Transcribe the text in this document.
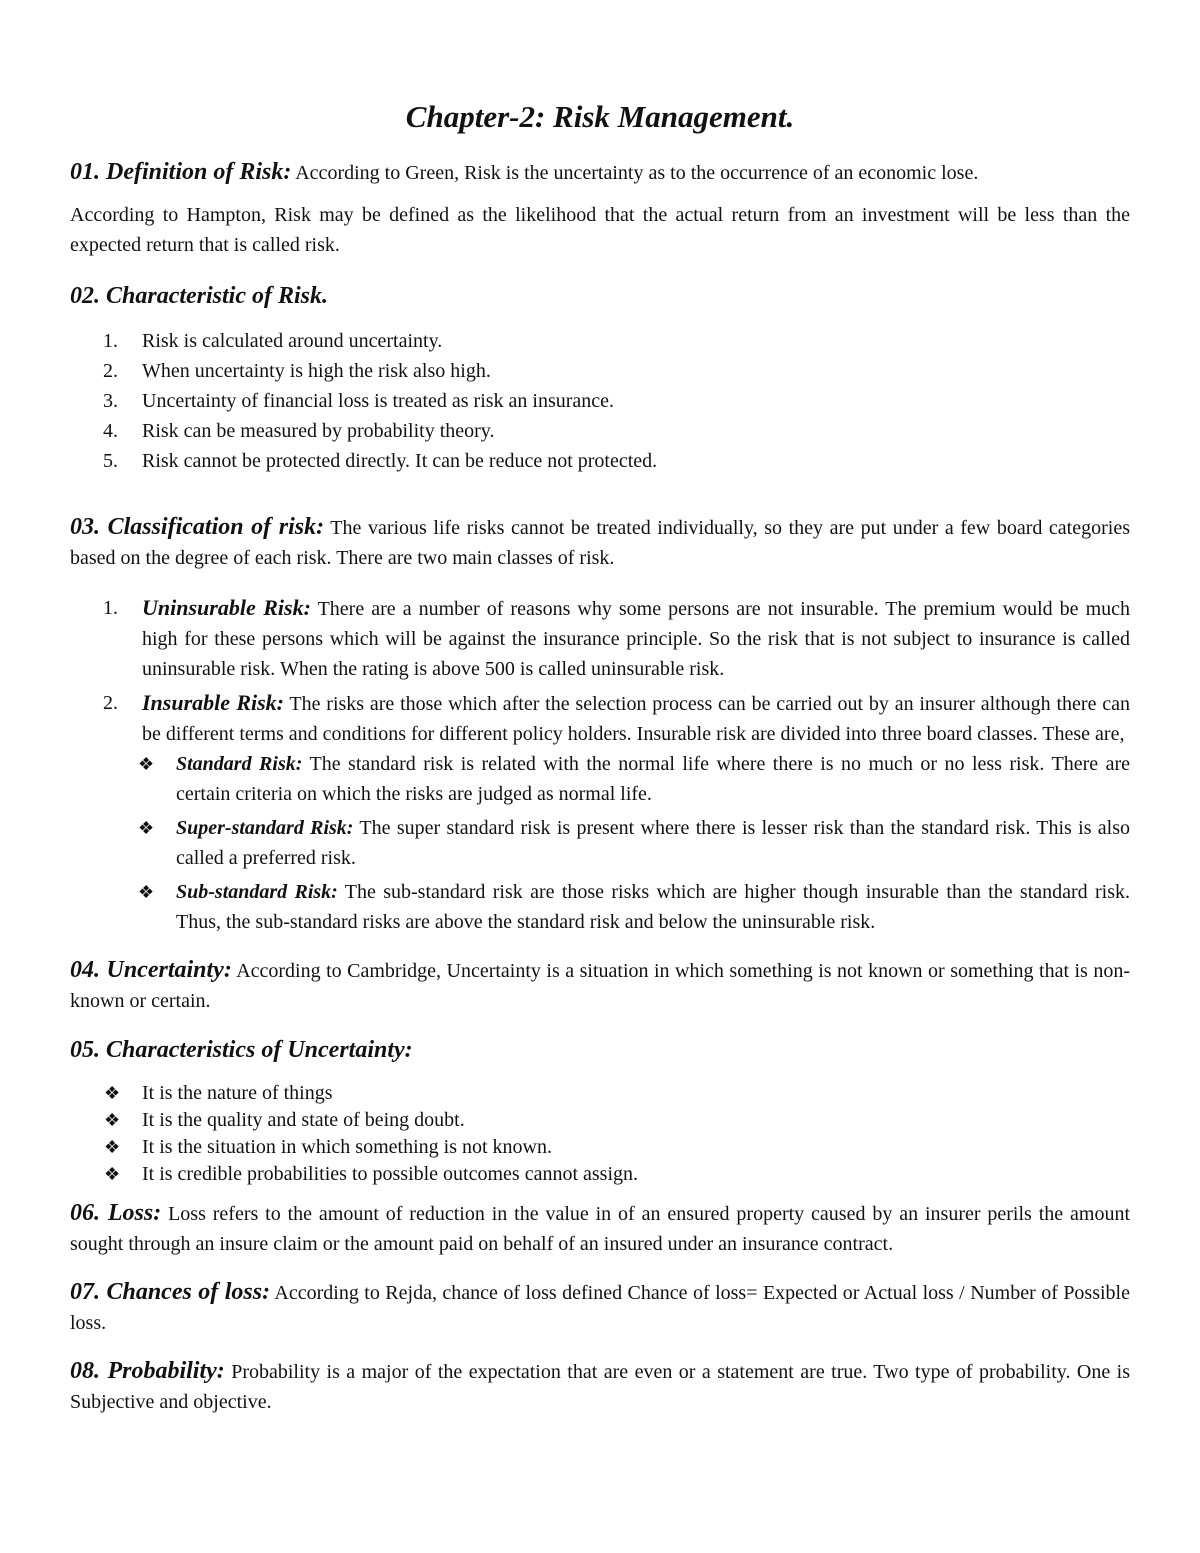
Chapter-2: Risk Management.

01. Definition of Risk: According to Green, Risk is the uncertainty as to the occurrence of an economic lose.

According to Hampton, Risk may be defined as the likelihood that the actual return from an investment will be less than the expected return that is called risk.

02. Characteristic of Risk.
1. Risk is calculated around uncertainty.
2. When uncertainty is high the risk also high.
3. Uncertainty of financial loss is treated as risk an insurance.
4. Risk can be measured by probability theory.
5. Risk cannot be protected directly. It can be reduce not protected.

03. Classification of risk: The various life risks cannot be treated individually, so they are put under a few board categories based on the degree of each risk. There are two main classes of risk.

1. Uninsurable Risk: There are a number of reasons why some persons are not insurable. The premium would be much high for these persons which will be against the insurance principle. So the risk that is not subject to insurance is called uninsurable risk. When the rating is above 500 is called uninsurable risk.
2. Insurable Risk: The risks are those which after the selection process can be carried out by an insurer although there can be different terms and conditions for different policy holders. Insurable risk are divided into three board classes. These are,
❖ Standard Risk: The standard risk is related with the normal life where there is no much or no less risk. There are certain criteria on which the risks are judged as normal life.
❖ Super-standard Risk: The super standard risk is present where there is lesser risk than the standard risk. This is also called a preferred risk.
❖ Sub-standard Risk: The sub-standard risk are those risks which are higher though insurable than the standard risk. Thus, the sub-standard risks are above the standard risk and below the uninsurable risk.

04. Uncertainty: According to Cambridge, Uncertainty is a situation in which something is not known or something that is non-known or certain.

05. Characteristics of Uncertainty:
❖ It is the nature of things
❖ It is the quality and state of being doubt.
❖ It is the situation in which something is not known.
❖ It is credible probabilities to possible outcomes cannot assign.

06. Loss: Loss refers to the amount of reduction in the value in of an ensured property caused by an insurer perils the amount sought through an insure claim or the amount paid on behalf of an insured under an insurance contract.

07. Chances of loss: According to Rejda, chance of loss defined Chance of loss= Expected or Actual loss / Number of Possible loss.

08. Probability: Probability is a major of the expectation that are even or a statement are true. Two type of probability. One is Subjective and objective.
